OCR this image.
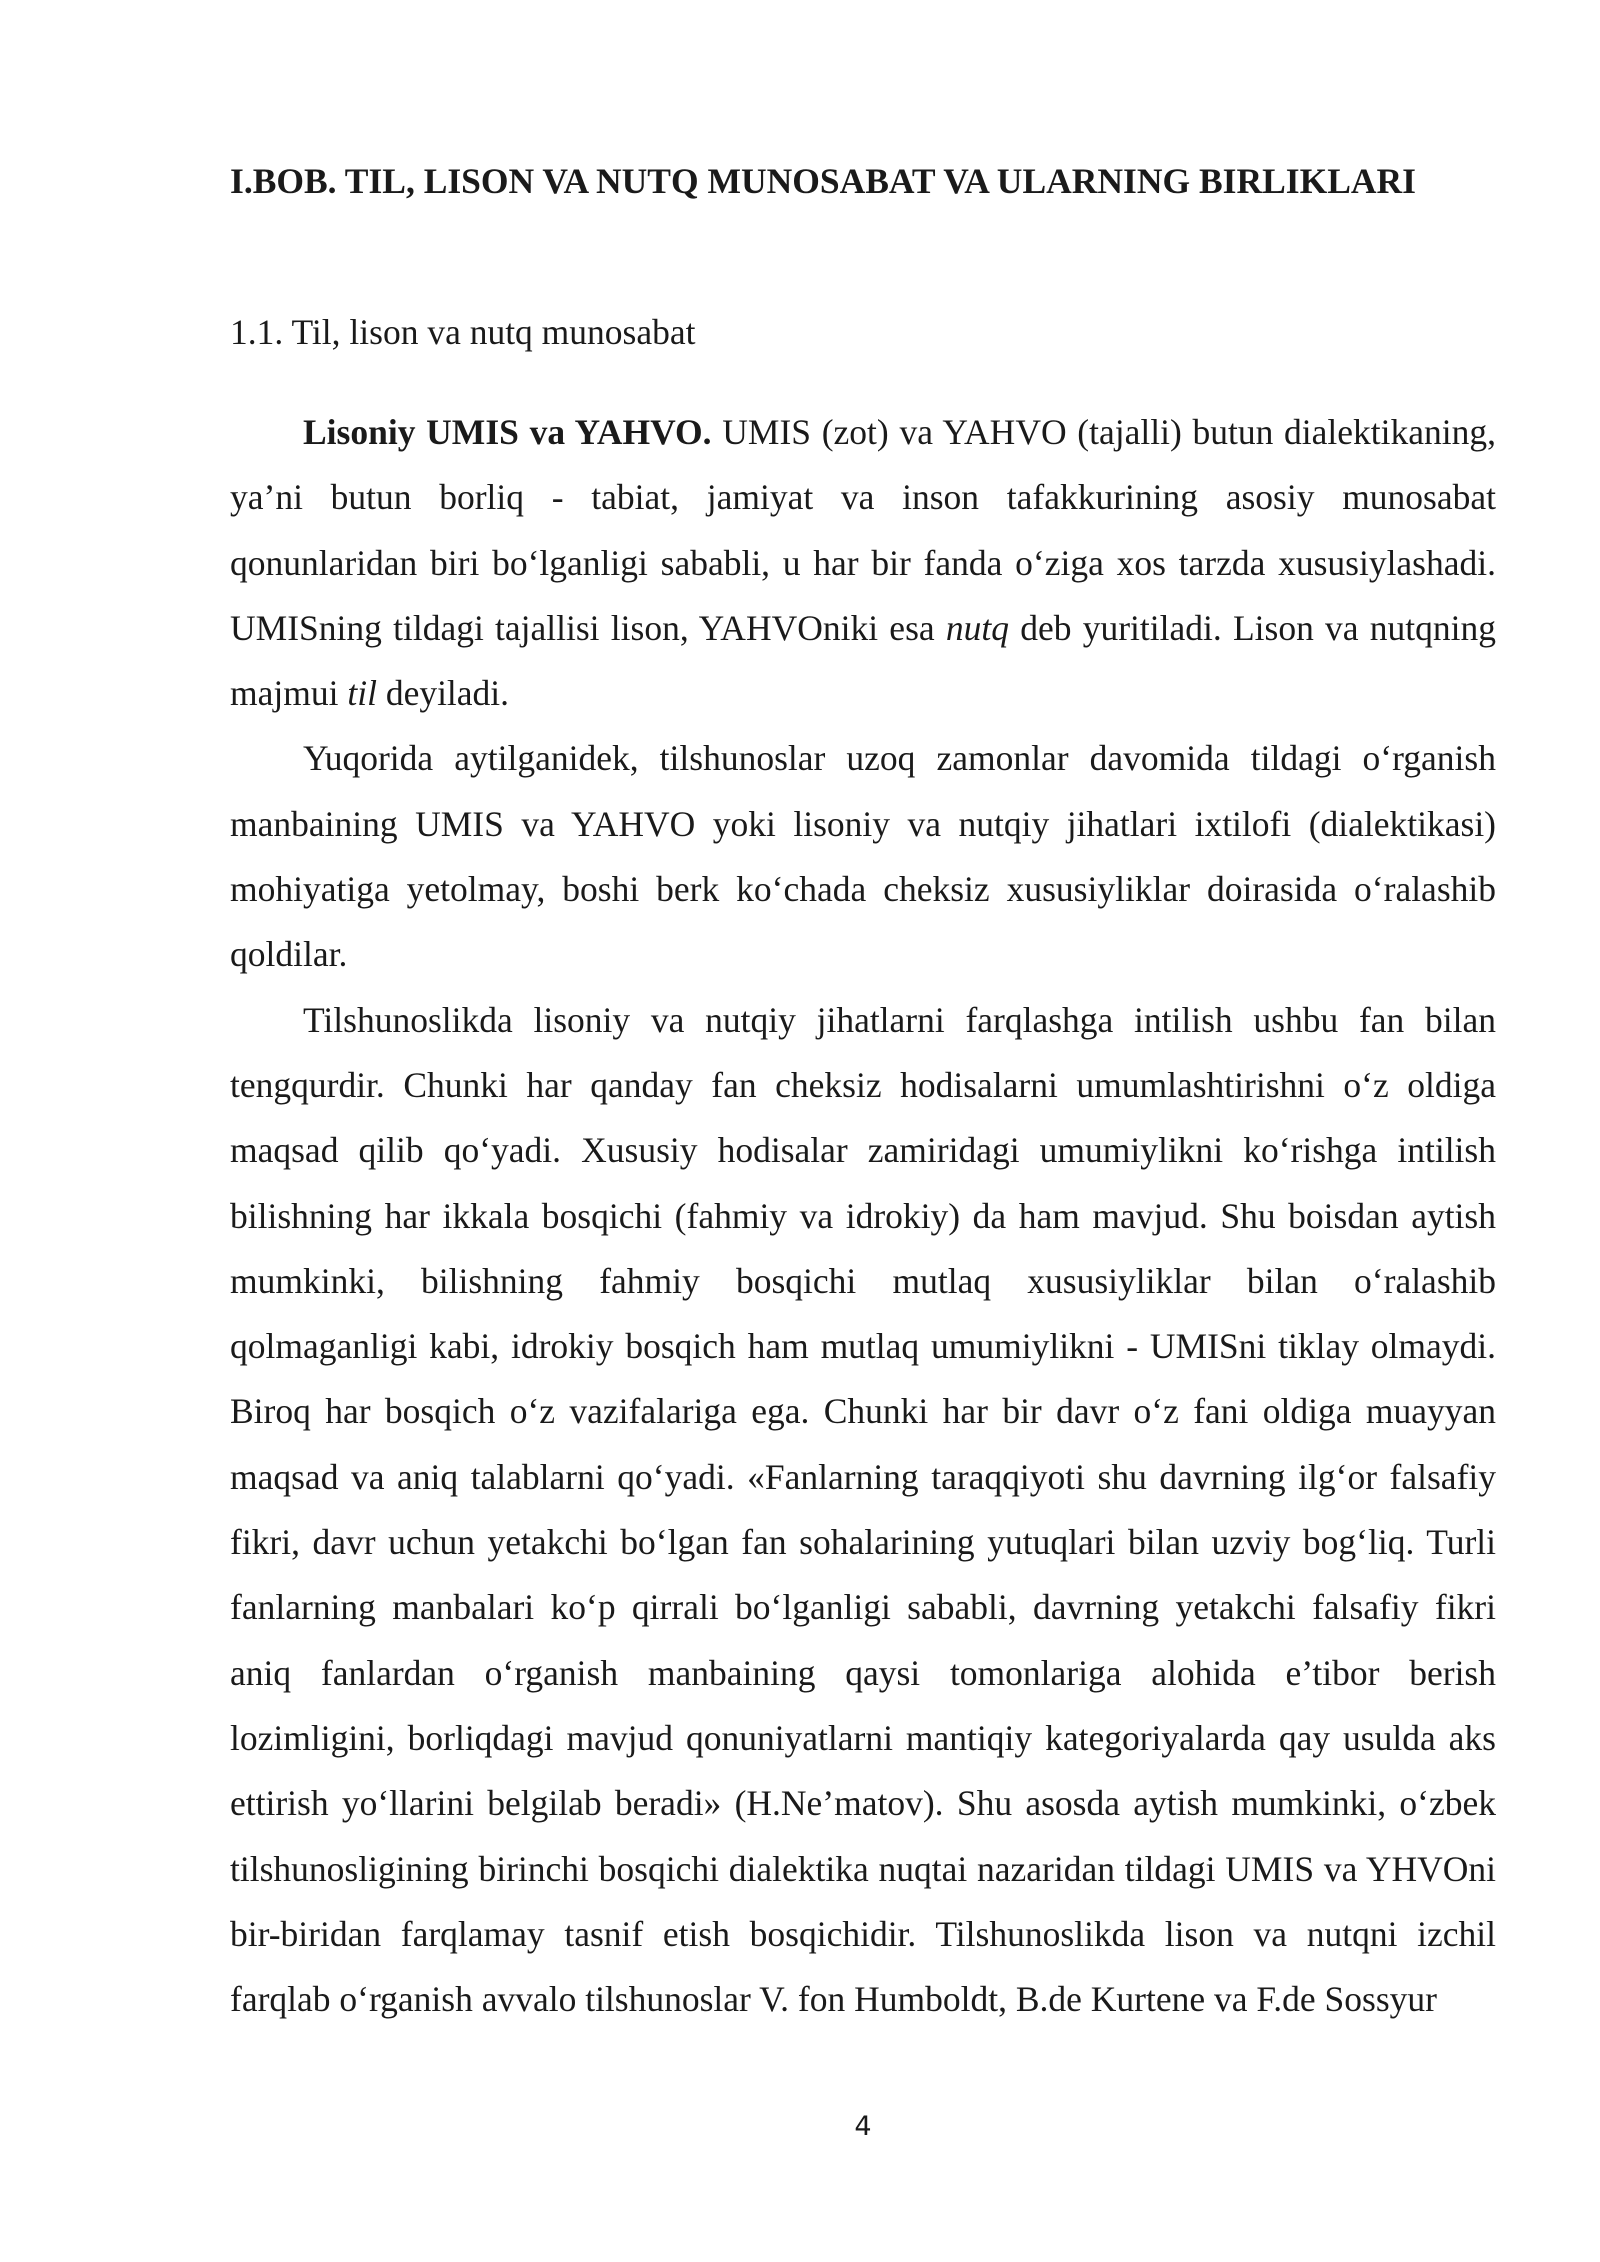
I.BOB. TIL, LISON VA NUTQ MUNOSABAT VA ULARNING BIRLIKLARI
1.1. Til, lison va nutq munosabat

Lisoniy UMIS va YAHVO. UMIS (zot) va YAHVO (tajalli) butun dialektikaning, ya’ni butun borliq - tabiat, jamiyat va inson tafakkurining asosiy munosabat qonunlaridan biri bo‘lganligi sababli, u har bir fanda o‘ziga xos tarzda xususiylashadi. UMISning tildagi tajallisi lison, YAHVOniki esa nutq deb yuritiladi. Lison va nutqning majmui til deyiladi.

Yuqorida aytilganidek, tilshunoslar uzoq zamonlar davomida tildagi o‘rganish manbaining UMIS va YAHVO yoki lisoniy va nutqiy jihatlari ixtilofi (dialektikasi) mohiyatiga yetolmay, boshi berk ko‘chada cheksiz xususiyliklar doirasida o‘ralashib qoldilar.

Tilshunoslikda lisoniy va nutqiy jihatlarni farqlashga intilish ushbu fan bilan tengqurdir. Chunki har qanday fan cheksiz hodisalarni umumlashtirishni o‘z oldiga maqsad qilib qo‘yadi. Xususiy hodisalar zamiridagi umumiylikni ko‘rishga intilish bilishning har ikkala bosqichi (fahmiy va idrokiy) da ham mavjud. Shu boisdan aytish mumkinki, bilishning fahmiy bosqichi mutlaq xususiyliklar bilan o‘ralashib qolmaganligi kabi, idrokiy bosqich ham mutlaq umumiylikni - UMISni tiklay olmaydi. Biroq har bosqich o‘z vazifalariga ega. Chunki har bir davr o‘z fani oldiga muayyan maqsad va aniq talablarni qo‘yadi. «Fanlarning taraqqiyoti shu davrning ilg‘or falsafiy fikri, davr uchun yetakchi bo‘lgan fan sohalarining yutuqlari bilan uzviy bog‘liq. Turli fanlarning manbalari ko‘p qirrali bo‘lganligi sababli, davrning yetakchi falsafiy fikri aniq fanlardan o‘rganish manbaining qaysi tomonlariga alohida e’tibor berish lozimligini, borliqdagi mavjud qonuniyatlarni mantiqiy kategoriyalarda qay usulda aks ettirish yo‘llarini belgilab beradi» (H.Ne’matov). Shu asosda aytish mumkinki, o‘zbek tilshunosligining birinchi bosqichi dialektika nuqtai nazaridan tildagi UMIS va YHVOni bir-biridan farqlamay tasnif etish bosqichidir. Tilshunoslikda lison va nutqni izchil farqlab o‘rganish avvalo tilshunoslar V. fon Humboldt, B.de Kurtene va F.de Sossyur

4
